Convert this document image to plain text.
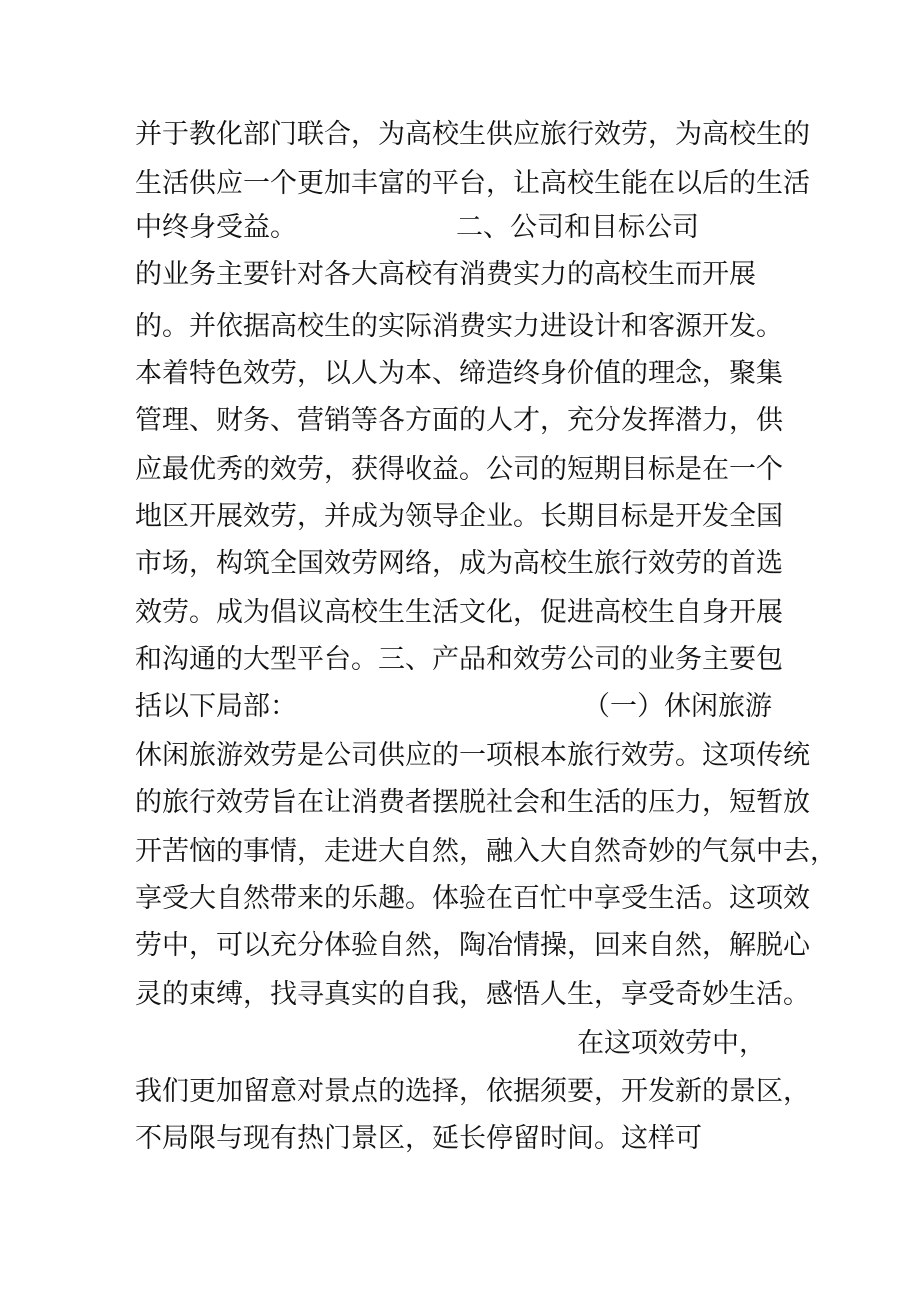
并于教化部门联合，为高校生供应旅行效劳，为高校生的
生活供应一个更加丰富的平台，让高校生能在以后的生活
中终身受益。	二、公司和目标公司
的业务主要针对各大高校有消费实力的高校生而开展
的。并依据高校生的实际消费实力进设计和客源开发。
本着特色效劳，以人为本、缔造终身价值的理念，聚集
管理、财务、营销等各方面的人才，充分发挥潜力，供
应最优秀的效劳，获得收益。公司的短期目标是在一个
地区开展效劳，并成为领导企业。长期目标是开发全国
市场，构筑全国效劳网络，成为高校生旅行效劳的首选
效劳。成为倡议高校生生活文化，促进高校生自身开展
和沟通的大型平台。三、产品和效劳公司的业务主要包
括以下局部：	（一）休闲旅游
休闲旅游效劳是公司供应的一项根本旅行效劳。这项传统
的旅行效劳旨在让消费者摆脱社会和生活的压力，短暂放
开苦恼的事情，走进大自然，融入大自然奇妙的气氛中去，
享受大自然带来的乐趣。体验在百忙中享受生活。这项效
劳中，可以充分体验自然，陶冶情操，回来自然，解脱心
灵的束缚，找寻真实的自我，感悟人生，享受奇妙生活。
在这项效劳中，
我们更加留意对景点的选择，依据须要，开发新的景区，
不局限与现有热门景区，延长停留时间。这样可
